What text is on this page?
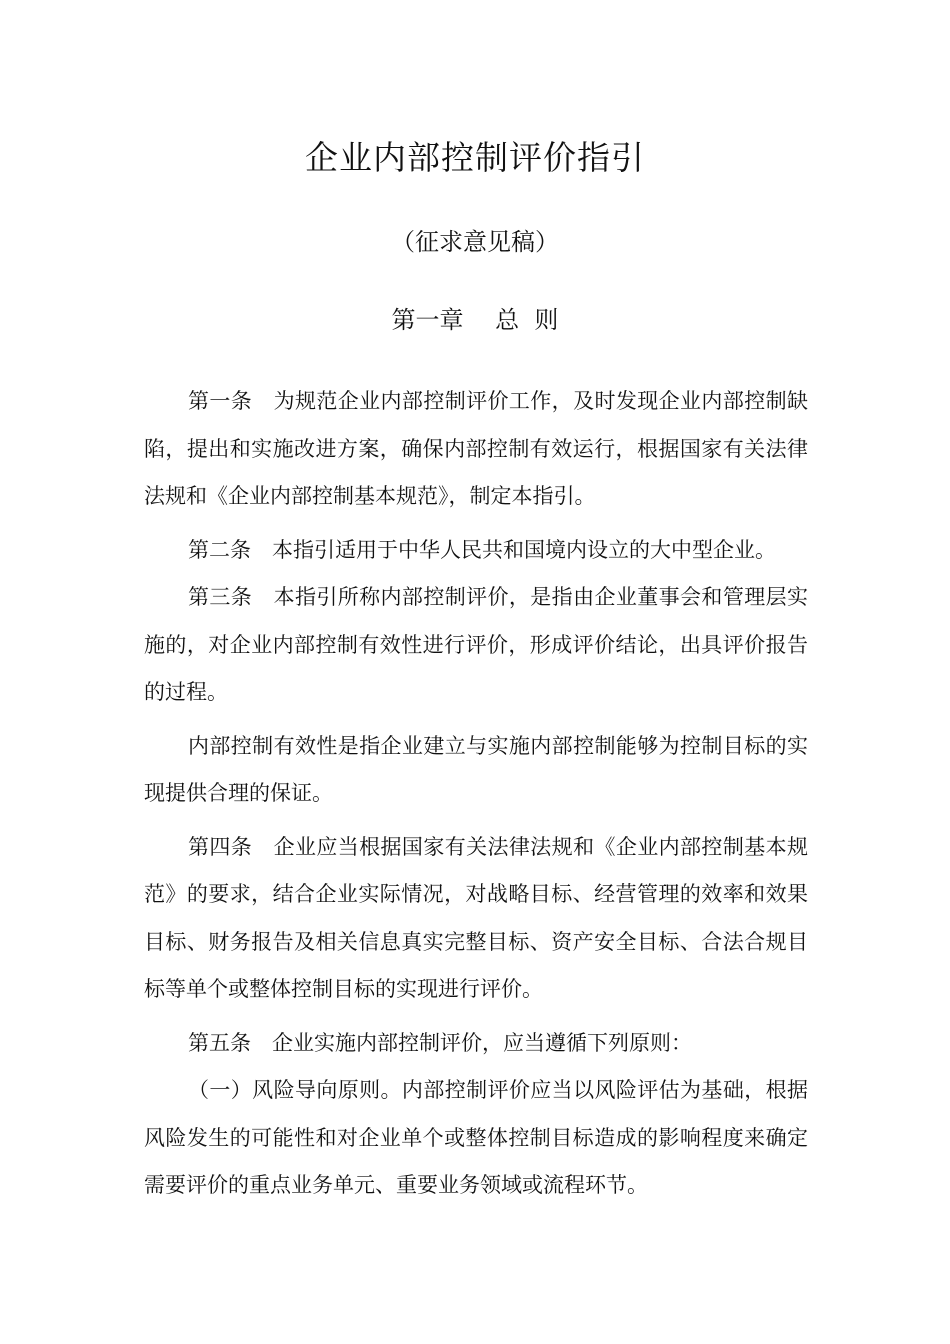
企业内部控制评价指引
（征求意见稿）
第一章　 总  则

第一条　为规范企业内部控制评价工作，及时发现企业内部控制缺陷，提出和实施改进方案，确保内部控制有效运行，根据国家有关法律法规和《企业内部控制基本规范》，制定本指引。

第二条　本指引适用于中华人民共和国境内设立的大中型企业。

第三条　本指引所称内部控制评价，是指由企业董事会和管理层实施的，对企业内部控制有效性进行评价，形成评价结论，出具评价报告的过程。

内部控制有效性是指企业建立与实施内部控制能够为控制目标的实现提供合理的保证。

第四条　企业应当根据国家有关法律法规和《企业内部控制基本规范》的要求，结合企业实际情况，对战略目标、经营管理的效率和效果目标、财务报告及相关信息真实完整目标、资产安全目标、合法合规目标等单个或整体控制目标的实现进行评价。

第五条　企业实施内部控制评价，应当遵循下列原则：

（一）风险导向原则。内部控制评价应当以风险评估为基础，根据风险发生的可能性和对企业单个或整体控制目标造成的影响程度来确定需要评价的重点业务单元、重要业务领域或流程环节。
